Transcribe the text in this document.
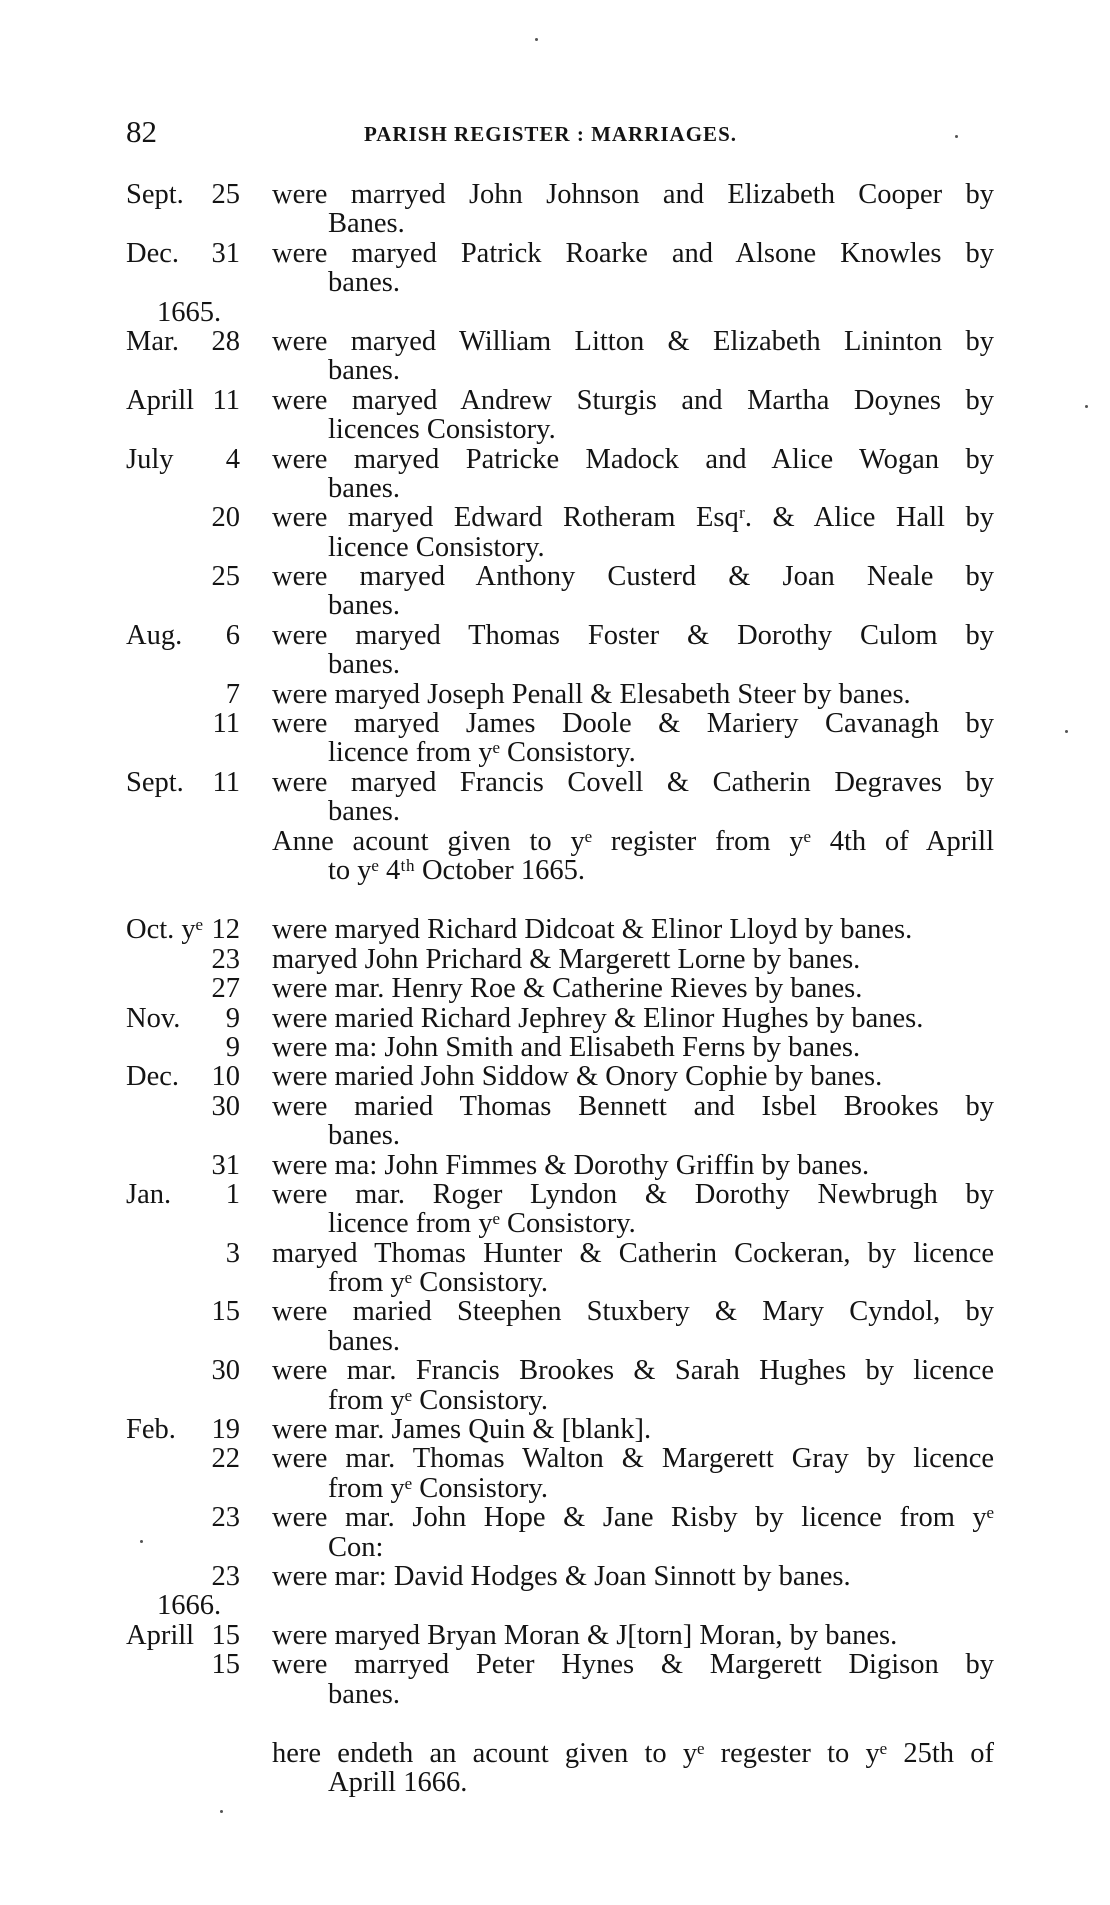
82	PARISH REGISTER : MARRIAGES.
Sept. 25 were marryed John Johnson and Elizabeth Cooper by
Banes.
Dec. 31 were maryed Patrick Roarke and Alsone Knowles by
banes.
1665.
Mar. 28 were maryed William Litton & Elizabeth Lininton by
banes.
Aprill 11 were maryed Andrew Sturgis and Martha Doynes by
licences Consistory.
July 4 were maryed Patricke Madock and Alice Wogan by
banes.
20 were maryed Edward Rotheram Esqʳ. & Alice Hall by
licence Consistory.
25 were maryed Anthony Custerd & Joan Neale by
banes.
Aug. 6 were maryed Thomas Foster & Dorothy Culom by
banes.
7 were maryed Joseph Penall & Elesabeth Steer by banes.
11 were maryed James Doole & Mariery Cavanagh by
licence from yᵉ Consistory.
Sept. 11 were maryed Francis Covell & Catherin Degraves by
banes.
Anne acount given to yᵉ register from yᵉ 4th of Aprill
to yᵉ 4ᵗʰ October 1665.
Oct. yᵉ 12 were maryed Richard Didcoat & Elinor Lloyd by banes.
23 maryed John Prichard & Margerett Lorne by banes.
27 were mar. Henry Roe & Catherine Rieves by banes.
Nov. 9 were maried Richard Jephrey & Elinor Hughes by banes.
9 were ma: John Smith and Elisabeth Ferns by banes.
Dec. 10 were maried John Siddow & Onory Cophie by banes.
30 were maried Thomas Bennett and Isbel Brookes by
banes.
31 were ma: John Fimmes & Dorothy Griffin by banes.
Jan. 1 were mar. Roger Lyndon & Dorothy Newbrugh by
licence from yᵉ Consistory.
3 maryed Thomas Hunter & Catherin Cockeran, by licence
from yᵉ Consistory.
15 were maried Steephen Stuxbery & Mary Cyndol, by
banes.
30 were mar. Francis Brookes & Sarah Hughes by licence
from yᵉ Consistory.
Feb. 19 were mar. James Quin & [blank].
22 were mar. Thomas Walton & Margerett Gray by licence
from yᵉ Consistory.
23 were mar. John Hope & Jane Risby by licence from yᵉ
Con:
23 were mar: David Hodges & Joan Sinnott by banes.
1666.
Aprill 15 were maryed Bryan Moran & J[torn] Moran, by banes.
15 were marryed Peter Hynes & Margerett Digison by
banes.
here endeth an acount given to yᵉ regester to yᵉ 25th of
Aprill 1666.
